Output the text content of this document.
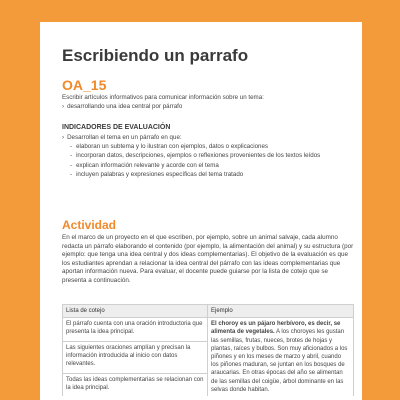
Escribiendo un parrafo
OA_15
Escribir artículos informativos para comunicar información sobre un tema:
› desarrollando una idea central por párrafo
INDICADORES DE EVALUACIÓN
› Desarrollan el tema en un párrafo en que:
- elaboran un subtema y lo ilustran con ejemplos, datos o explicaciones
- incorporan datos, descripciones, ejemplos o reflexiones provenientes de los textos leídos
- explican información relevante y acorde con el tema
- incluyen palabras y expresiones específicas del tema tratado
Actividad
En el marco de un proyecto en el que escriben, por ejemplo, sobre un animal salvaje, cada alumno redacta un párrafo elaborando el contenido (por ejemplo, la alimentación del animal) y su estructura (por ejemplo: que tenga una idea central y dos ideas complementarias). El objetivo de la evaluación es que los estudiantes aprendan a relacionar la idea central del párrafo con las ideas complementarias que aportan información nueva. Para evaluar, el docente puede guiarse por la lista de cotejo que se presenta a continuación.
Lista de cotejo	Ejemplo
El párrafo cuenta con una oración introductoria que presenta la idea principal.	El choroy es un pájaro herbívoro, es decir, se alimenta de vegetales. A los choroyes les gustan las semillas, frutas, nueces, brotes de hojas y plantas, raíces y bulbos. Son muy aficionados a los piñones y en los meses de marzo y abril, cuando los piñones maduran, se juntan en los bosques de araucarias. En otras épocas del año se alimentan de las semillas del coigüe, árbol dominante en las selvas donde habitan.
Las siguientes oraciones amplían y precisan la información introducida al inicio con datos relevantes.	
Todas las ideas complementarias se relacionan con la idea principal.	
